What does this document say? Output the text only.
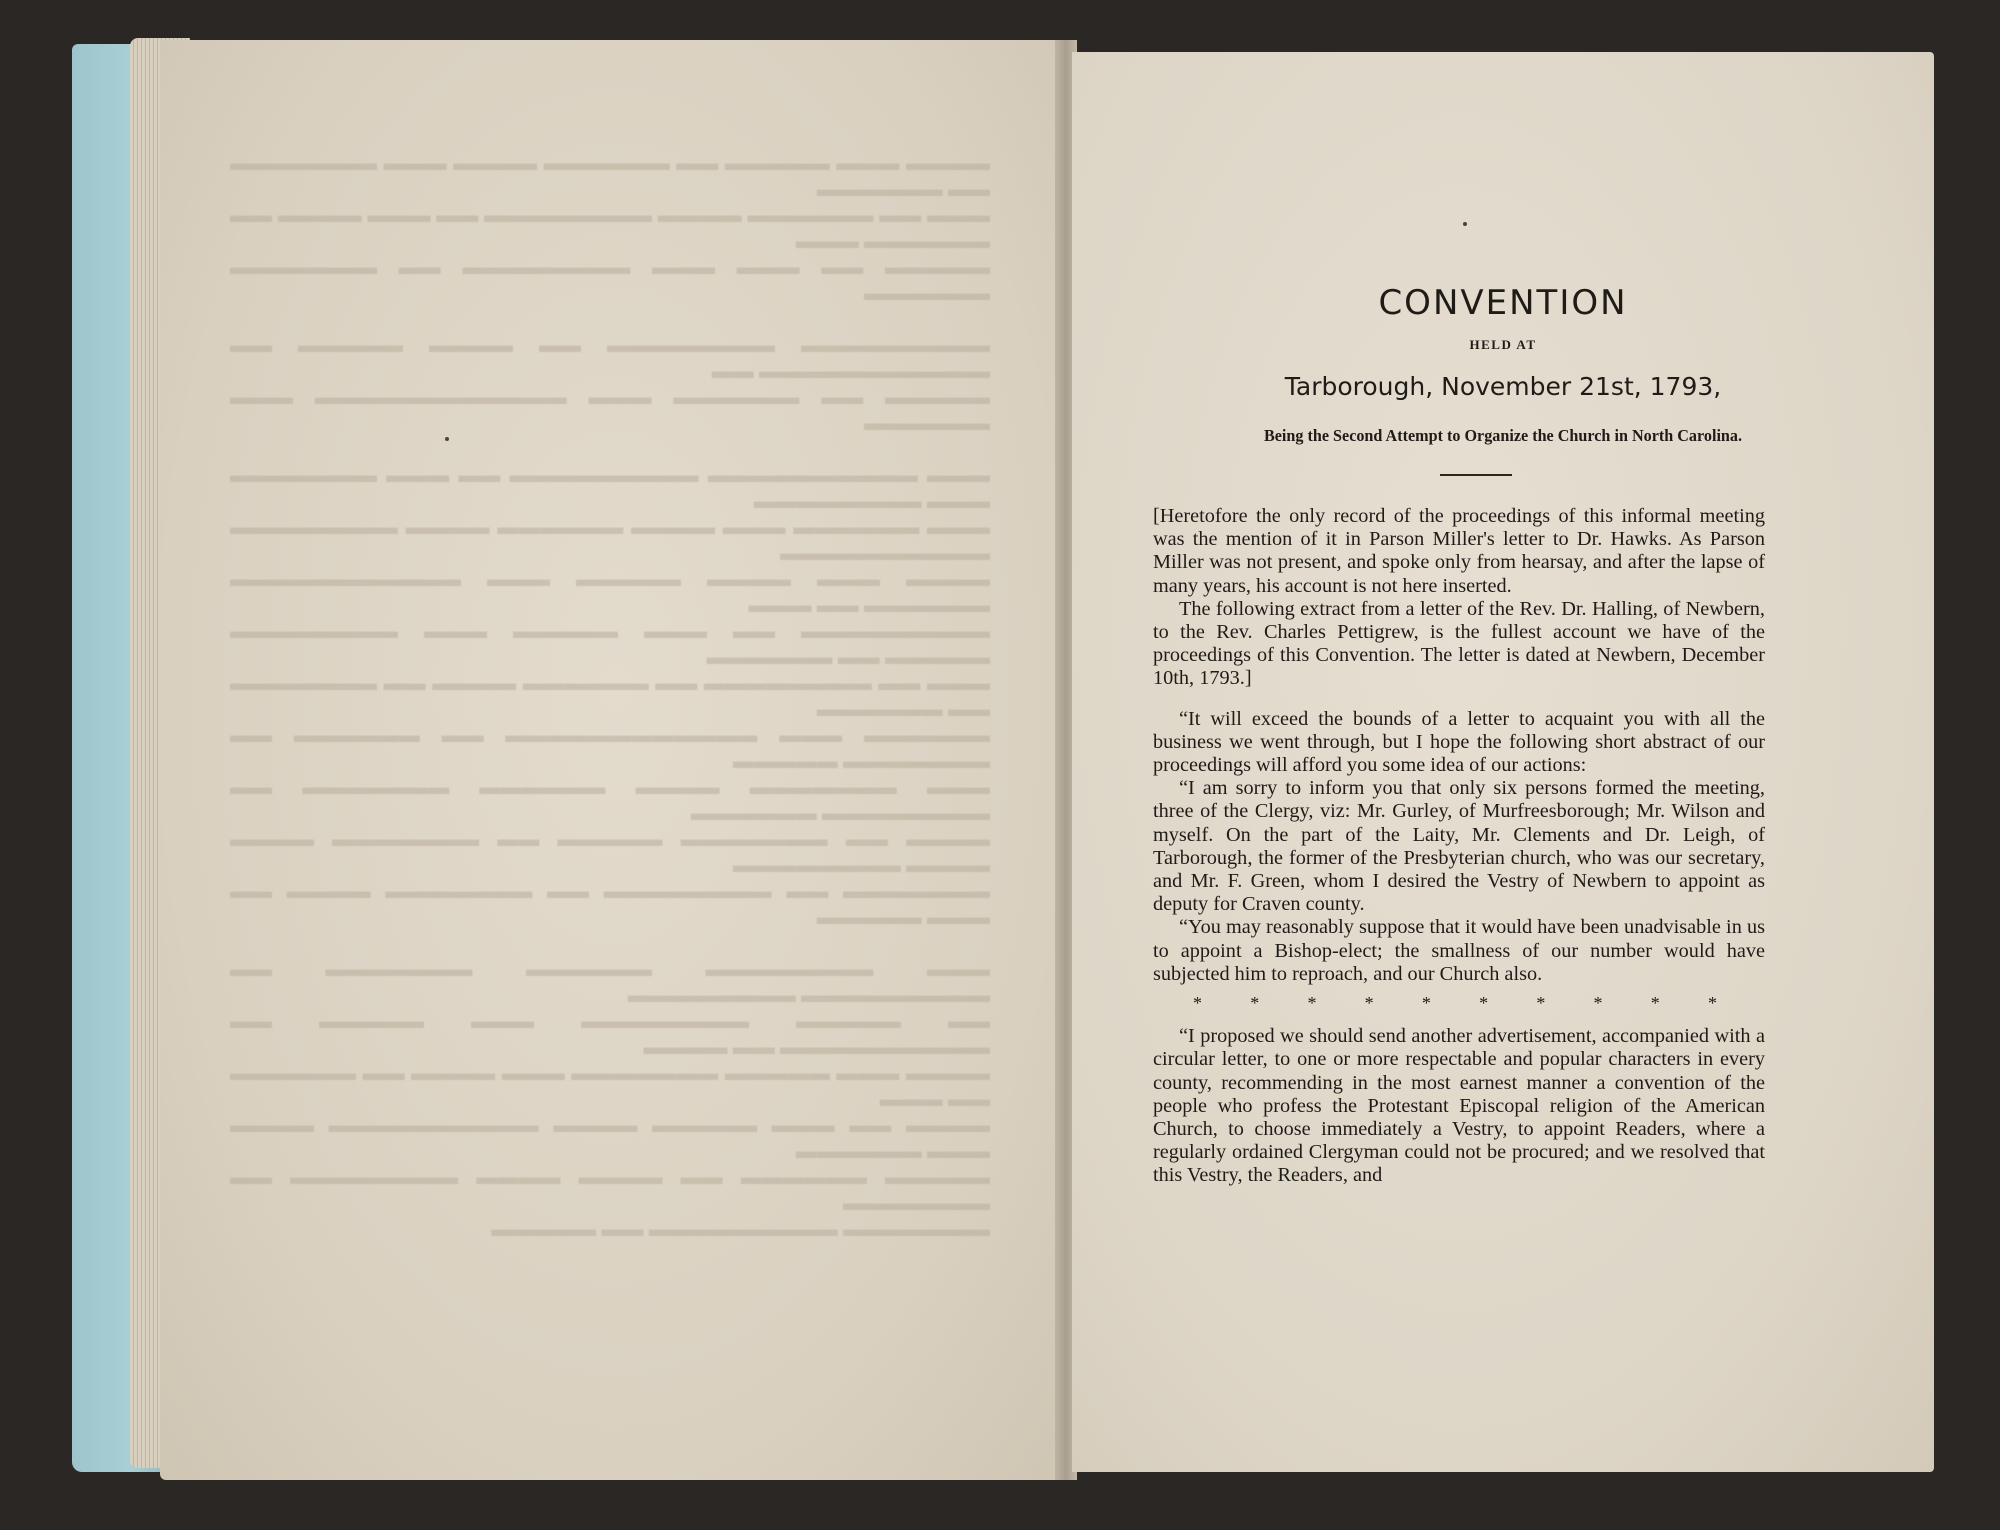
▬▬▬▬ ▬▬▬ ▬▬▬▬▬ ▬▬ ▬▬▬▬▬▬ ▬▬▬▬ ▬▬▬ ▬▬▬▬▬▬▬ ▬▬ ▬▬▬▬▬▬

▬▬▬ ▬▬ ▬▬▬▬▬▬ ▬▬▬▬ ▬▬▬▬▬▬▬▬ ▬▬ ▬▬▬ ▬▬▬▬ ▬▬ ▬▬▬▬▬▬ ▬▬▬

▬▬▬▬▬ ▬▬ ▬▬▬ ▬▬▬ ▬▬▬▬▬▬▬▬ ▬▬ ▬▬▬▬▬▬▬ ▬▬▬▬▬▬

▬▬▬▬▬▬▬▬▬ ▬▬▬▬▬▬▬▬ ▬▬ ▬▬▬▬ ▬▬▬▬▬ ▬▬ ▬▬▬▬▬▬▬▬▬▬▬ ▬▬

▬▬▬▬▬ ▬▬ ▬▬▬▬▬▬ ▬▬▬ ▬▬▬▬▬▬▬▬▬▬▬▬ ▬▬▬ ▬▬▬▬▬▬

▬▬▬ ▬▬▬▬▬▬▬▬▬▬ ▬▬▬▬▬▬▬▬▬ ▬▬ ▬▬▬ ▬▬▬▬▬▬▬ ▬▬▬ ▬▬▬▬▬▬▬▬

▬▬▬ ▬▬▬▬▬▬ ▬▬▬ ▬▬▬▬ ▬▬▬▬▬▬ ▬▬▬▬ ▬▬▬▬▬▬▬▬ ▬▬▬▬▬▬▬▬▬▬

▬▬▬▬ ▬▬▬ ▬▬▬▬ ▬▬▬▬▬ ▬▬▬ ▬▬▬▬▬▬▬▬▬▬▬ ▬▬▬▬▬▬ ▬▬ ▬▬▬

▬▬▬▬▬▬▬▬▬ ▬▬ ▬▬▬ ▬▬▬▬▬ ▬▬▬ ▬▬▬▬▬▬▬▬ ▬▬▬▬▬ ▬▬ ▬▬▬▬▬▬

▬▬▬ ▬▬ ▬▬▬▬▬▬▬▬ ▬▬ ▬▬▬▬▬▬ ▬▬▬▬ ▬▬ ▬▬▬▬▬▬▬ ▬▬ ▬▬▬▬▬▬

▬▬▬▬▬▬ ▬▬▬ ▬▬▬▬▬▬▬▬▬▬▬▬ ▬▬ ▬▬▬▬▬▬ ▬▬ ▬▬▬▬▬▬▬ ▬▬▬▬▬

▬▬▬ ▬▬▬▬▬▬▬ ▬▬▬▬ ▬▬▬▬▬▬ ▬▬▬▬▬▬▬ ▬▬ ▬▬▬▬▬▬▬▬ ▬▬▬▬▬▬

▬▬▬▬ ▬▬ ▬▬▬▬▬▬▬ ▬▬▬▬▬ ▬▬ ▬▬▬▬▬▬▬ ▬▬▬▬ ▬▬▬▬ ▬▬▬▬▬▬▬▬

▬▬▬▬▬▬▬ ▬▬ ▬▬▬▬▬▬▬▬ ▬▬ ▬▬▬▬▬▬▬ ▬▬▬▬ ▬▬ ▬▬▬ ▬▬▬▬▬

▬▬▬ ▬▬▬▬▬▬▬▬ ▬▬▬▬▬▬ ▬▬▬▬▬▬▬ ▬▬ ▬▬▬▬▬▬▬▬▬ ▬▬▬▬▬▬▬▬

▬▬ ▬▬▬▬▬ ▬▬▬▬▬▬▬▬ ▬▬▬ ▬▬▬▬▬ ▬▬ ▬▬▬▬▬▬▬▬▬▬ ▬▬ ▬▬▬▬

▬▬▬▬ ▬▬▬ ▬▬▬▬▬ ▬▬▬▬▬▬▬ ▬▬▬ ▬▬▬▬ ▬▬ ▬▬▬▬▬▬ ▬▬ ▬▬▬

▬▬▬▬ ▬▬ ▬▬▬ ▬▬▬▬▬ ▬▬▬▬ ▬▬▬▬▬▬▬▬▬▬ ▬▬▬▬ ▬▬▬ ▬▬▬▬▬▬

▬▬▬▬▬ ▬▬▬▬▬▬ ▬▬ ▬▬▬▬ ▬▬▬▬ ▬▬▬▬▬▬▬▬ ▬▬ ▬▬▬▬▬▬▬

▬▬▬▬▬▬▬ ▬▬▬▬▬▬▬▬▬ ▬▬ ▬▬▬▬▬

CONVENTION
HELD AT
Tarborough, November 21st, 1793,
Being the Second Attempt to Organize the Church in North Carolina.

[Heretofore the only record of the proceedings of this informal meeting was the mention of it in Parson Miller's letter to Dr. Hawks. As Parson Miller was not present, and spoke only from hearsay, and after the lapse of many years, his account is not here inserted.

The following extract from a letter of the Rev. Dr. Halling, of Newbern, to the Rev. Charles Pettigrew, is the fullest account we have of the proceedings of this Convention. The letter is dated at Newbern, December 10th, 1793.]

“It will exceed the bounds of a letter to acquaint you with all the business we went through, but I hope the following short abstract of our proceedings will afford you some idea of our actions:

“I am sorry to inform you that only six persons formed the meeting, three of the Clergy, viz: Mr. Gurley, of Murfreesborough; Mr. Wilson and myself. On the part of the Laity, Mr. Clements and Dr. Leigh, of Tarborough, the former of the Presbyterian church, who was our secretary, and Mr. F. Green, whom I desired the Vestry of Newbern to appoint as deputy for Craven county.

“You may reasonably suppose that it would have been unadvisable in us to appoint a Bishop-elect; the smallness of our number would have subjected him to reproach, and our Church also.

*	*	*	*	*	*	*	*	*	*

“I proposed we should send another advertisement, accompanied with a circular letter, to one or more respectable and popular characters in every county, recommending in the most earnest manner a convention of the people who profess the Protestant Episcopal religion of the American Church, to choose immediately a Vestry, to appoint Readers, where a regularly ordained Clergyman could not be procured; and we resolved that this Vestry, the Readers, and
